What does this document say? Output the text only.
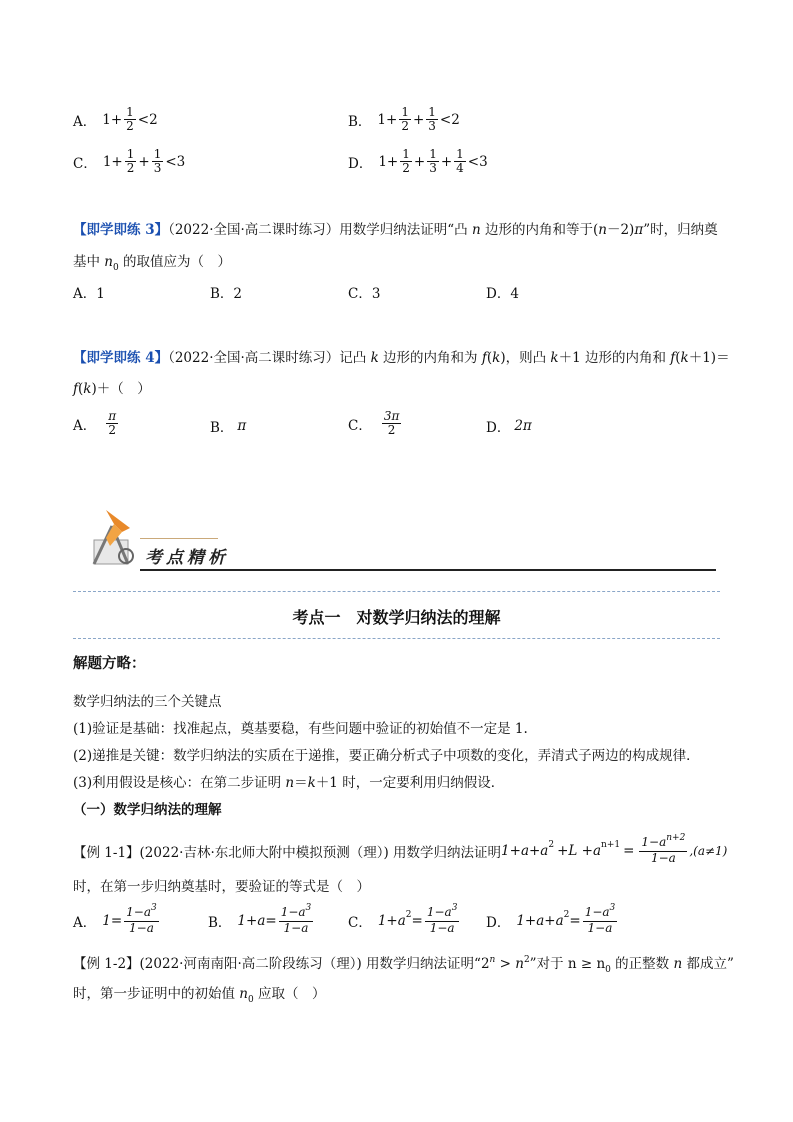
A． $1+ \frac{1}{2} <2$	B． $1+ \frac{1}{2} + \frac{1}{3} <2$
C． $1+ \frac{1}{2} + \frac{1}{3} <3$	D． $1+ \frac{1}{2} + \frac{1}{3} + \frac{1}{4} <3$
【即学即练 3】（2022·全国·高二课时练习）用数学归纳法证明“凸 n 边形的内角和等于(n－2)π”时，归纳奠
基中 $n_0$ 的取值应为（　）
A．1	B．2	C．3	D．4
【即学即练 4】（2022·全国·高二课时练习）记凸 k 边形的内角和为 f(k)，则凸 k＋1 边形的内角和 f(k＋1)＝
f(k)＋（　）
A． $\frac{\pi}{2}$	B． π	C． $\frac{3\pi}{2}$	D． 2π
考点精析
考点一　对数学归纳法的理解
解题方略：
数学归纳法的三个关键点
(1)验证是基础：找准起点，奠基要稳，有些问题中验证的初始值不一定是 1.
(2)递推是关键：数学归纳法的实质在于递推，要正确分析式子中项数的变化，弄清式子两边的构成规律．
(3)利用假设是核心：在第二步证明 n＝k＋1 时，一定要利用归纳假设．
（一）数学归纳法的理解
【例 1-1】 (2022·吉林·东北师大附中模拟预测（理）) 用数学归纳法证明 1+a+a 2 +L +a $n+1 = \frac{1-a^{n+2}}{1-a} ,(a\ne 1)$
时，在第一步归纳奠基时，要验证的等式是（　）
A． $1= \frac{1-a^3}{1-a}$	B． $1+a= \frac{1-a^3}{1-a}$	C． 1+a $2 = \frac{1-a^3}{1-a}$ D． 1+a+a $2 = \frac{1-a^3}{1-a}$
【例 1-2】(2022·河南南阳·高二阶段练习（理）) 用数学归纳法证明“$2^n > n^2$”对于 $n \ge n_0$ 的正整数 n 都成立”
时，第一步证明中的初始值 $n_0$ 应取（　）
